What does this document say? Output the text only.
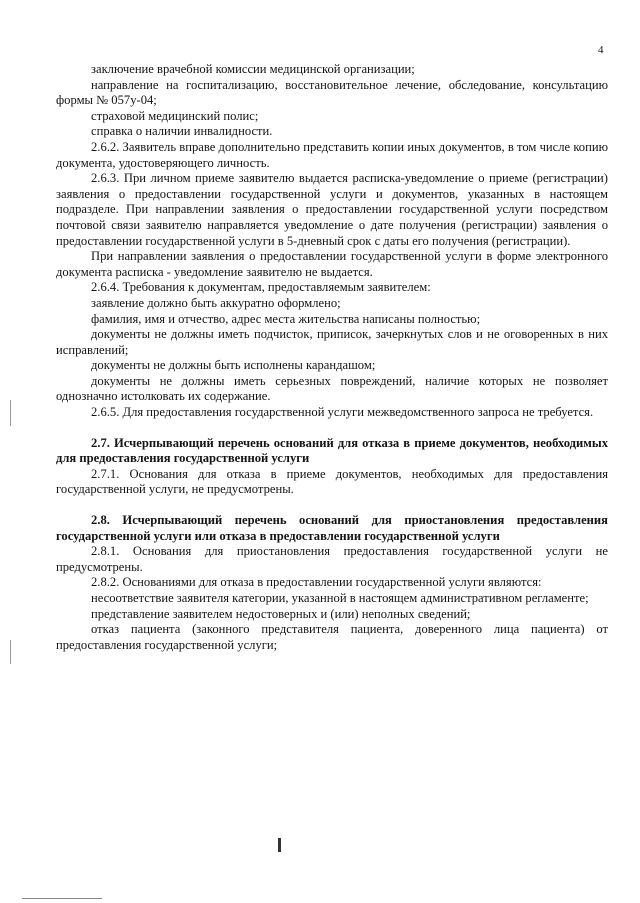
4

заключение врачебной комиссии медицинской организации;

направление на госпитализацию, восстановительное лечение, обследование, консультацию формы № 057у-04;

страховой медицинский полис;

справка о наличии инвалидности.

2.6.2. Заявитель вправе дополнительно представить копии иных документов, в том числе копию документа, удостоверяющего личность.

2.6.3. При личном приеме заявителю выдается расписка-уведомление о приеме (регистрации) заявления о предоставлении государственной услуги и документов, указанных в настоящем подразделе. При направлении заявления о предоставлении государственной услуги посредством почтовой связи заявителю направляется уведомление о дате получения (регистрации) заявления о предоставлении государственной услуги в 5-дневный срок с даты его получения (регистрации).

При направлении заявления о предоставлении государственной услуги в форме электронного документа расписка - уведомление заявителю не выдается.

2.6.4. Требования к документам, предоставляемым заявителем:

заявление должно быть аккуратно оформлено;

фамилия, имя и отчество, адрес места жительства написаны полностью;

документы не должны иметь подчисток, приписок, зачеркнутых слов и не оговоренных в них исправлений;

документы не должны быть исполнены карандашом;

документы не должны иметь серьезных повреждений, наличие которых не позволяет однозначно истолковать их содержание.

2.6.5. Для предоставления государственной услуги межведомственного запроса не требуется.

2.7. Исчерпывающий перечень оснований для отказа в приеме документов, необходимых для предоставления государственной услуги

2.7.1. Основания для отказа в приеме документов, необходимых для предоставления государственной услуги, не предусмотрены.

2.8. Исчерпывающий перечень оснований для приостановления предоставления государственной услуги или отказа в предоставлении государственной услуги

2.8.1. Основания для приостановления предоставления государственной услуги не предусмотрены.

2.8.2. Основаниями для отказа в предоставлении государственной услуги являются:

несоответствие заявителя категории, указанной в настоящем административном регламенте;

представление заявителем недостоверных и (или) неполных сведений;

отказ пациента (законного представителя пациента, доверенного лица пациента) от предоставления государственной услуги;
